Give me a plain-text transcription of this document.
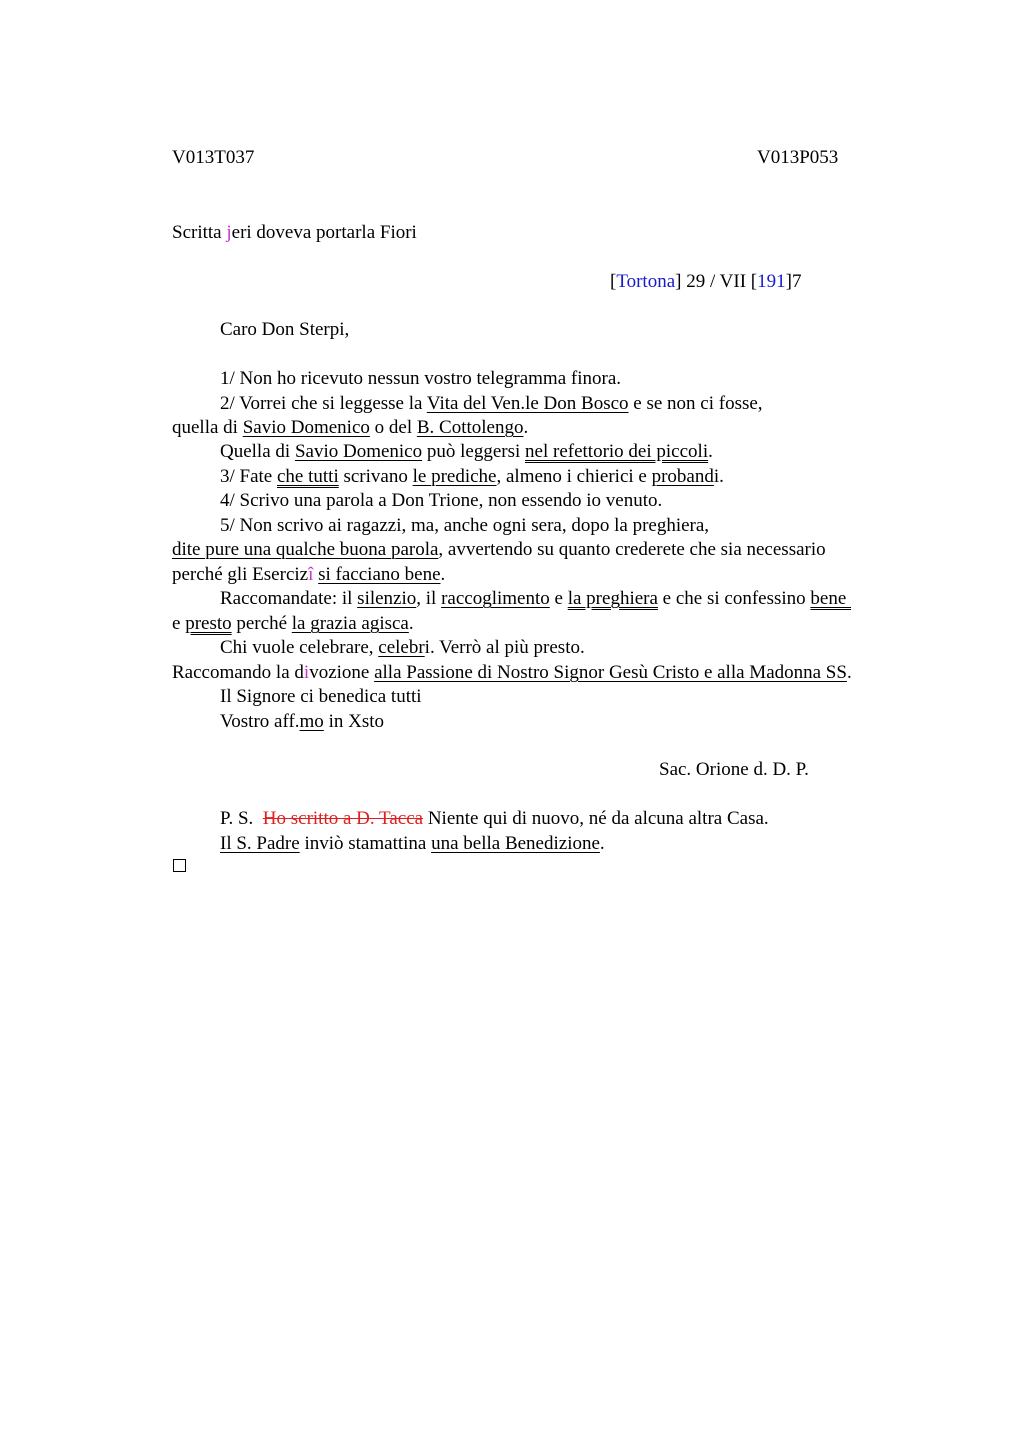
V013T037	V013P053
Scritta jeri doveva portarla Fiori
[Tortona] 29 / VII [191]7
Caro Don Sterpi,
1/ Non ho ricevuto nessun vostro telegramma finora.
2/ Vorrei che si leggesse la Vita del Ven.le Don Bosco e se non ci fosse,
quella di Savio Domenico o del B. Cottolengo.
Quella di Savio Domenico può leggersi nel refettorio dei piccoli.
3/ Fate che tutti scrivano le prediche, almeno i chierici e probandi.
4/ Scrivo una parola a Don Trione, non essendo io venuto.
5/ Non scrivo ai ragazzi, ma, anche ogni sera, dopo la preghiera,
dite pure una qualche buona parola, avvertendo su quanto crederete che sia necessario
perché gli Esercizî si facciano bene.
Raccomandate: il silenzio, il raccoglimento e la preghiera e che si confessino bene
e presto perché la grazia agisca.
Chi vuole celebrare, celebri. Verrò al più presto.
Raccomando la divozione alla Passione di Nostro Signor Gesù Cristo e alla Madonna SS.
Il Signore ci benedica tutti
Vostro aff.mo in Xsto
Sac. Orione d. D. P.
P. S.  Ho scritto a D. Tacca Niente qui di nuovo, né da alcuna altra Casa.
Il S. Padre inviò stamattina una bella Benedizione.
